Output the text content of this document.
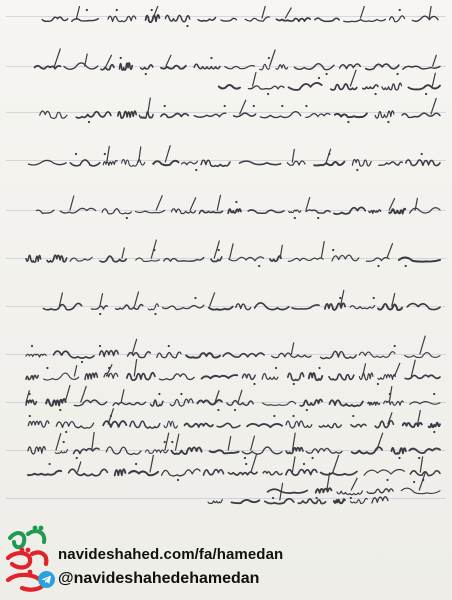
navideshahed.com/fa/hamedan
@navideshahedehamedan
